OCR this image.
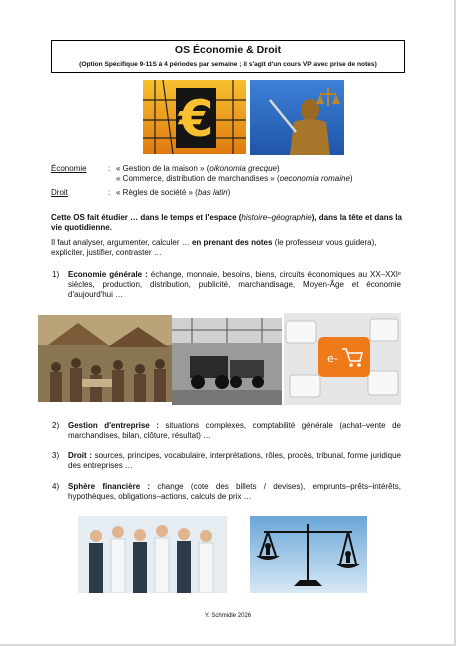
OS Économie & Droit
(Option Spécifique 9-11S à 4 périodes par semaine ; il s'agit d'un cours VP avec prise de notes)
€
Économie	: « Gestion de la maison » (oikonomia grecque)
« Commerce, distribution de marchandises » (oeconomia romaine)
Droit	: « Règles de société » (bas latin)
Cette OS fait étudier … dans le temps et l'espace (histoire–géographie), dans la tête et dans la vie quotidienne.
Il faut analyser, argumenter, calculer … en prenant des notes (le professeur vous guidera), expliciter, justifier, contraster …
1) Economie générale : échange, monnaie, besoins, biens, circuits économiques au XX–XXIᵉ siècles, production, distribution, publicité, marchandisage, Moyen-Âge et économie d'aujourd'hui …
e-
2) Gestion d'entreprise : situations complexes, comptabilité générale (achat–vente de marchandises, bilan, clôture, résultat) …
3) Droit : sources, principes, vocabulaire, interprétations, rôles, procès, tribunal, forme juridique des entreprises …
4) Sphère financière : change (cote des billets / devises), emprunts–prêts–intérêts, hypothèques, obligations–actions, calculs de prix …
Y. Schmidle 2026
